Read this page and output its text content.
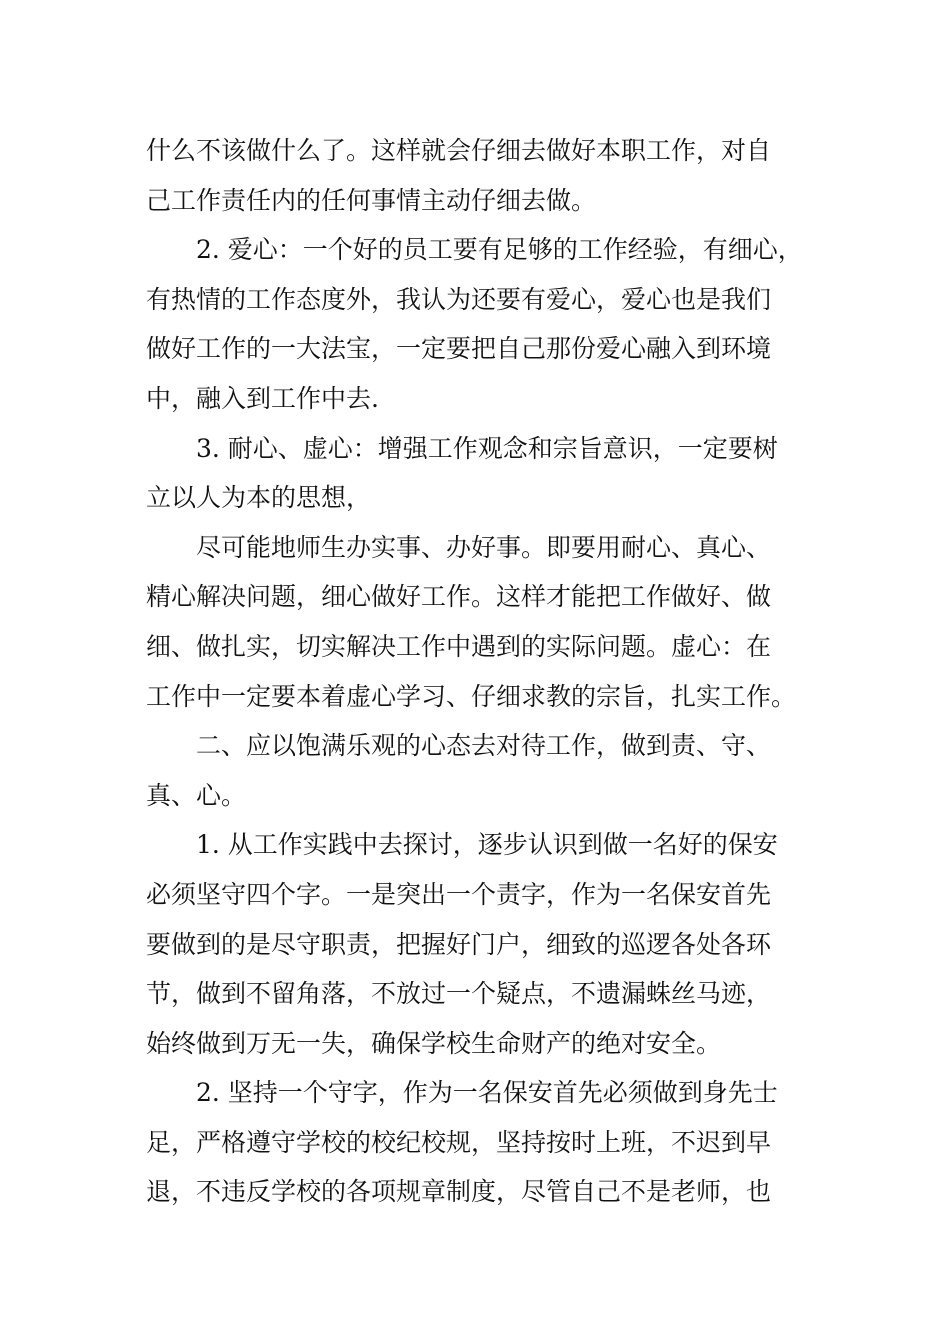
什么不该做什么了。这样就会仔细去做好本职工作，对自
己工作责任内的任何事情主动仔细去做。
2. 爱心：一个好的员工要有足够的工作经验，有细心，
有热情的工作态度外，我认为还要有爱心，爱心也是我们
做好工作的一大法宝，一定要把自己那份爱心融入到环境
中，融入到工作中去.
3. 耐心、虚心：增强工作观念和宗旨意识，一定要树
立以人为本的思想，
尽可能地师生办实事、办好事。即要用耐心、真心、
精心解决问题，细心做好工作。这样才能把工作做好、做
细、做扎实，切实解决工作中遇到的实际问题。虚心：在
工作中一定要本着虚心学习、仔细求教的宗旨，扎实工作。
二、应以饱满乐观的心态去对待工作，做到责、守、
真、心。
1. 从工作实践中去探讨，逐步认识到做一名好的保安
必须坚守四个字。一是突出一个责字，作为一名保安首先
要做到的是尽守职责，把握好门户，细致的巡逻各处各环
节，做到不留角落，不放过一个疑点，不遗漏蛛丝马迹，
始终做到万无一失，确保学校生命财产的绝对安全。
2. 坚持一个守字，作为一名保安首先必须做到身先士
足，严格遵守学校的校纪校规，坚持按时上班，不迟到早
退，不违反学校的各项规章制度，尽管自己不是老师，也
